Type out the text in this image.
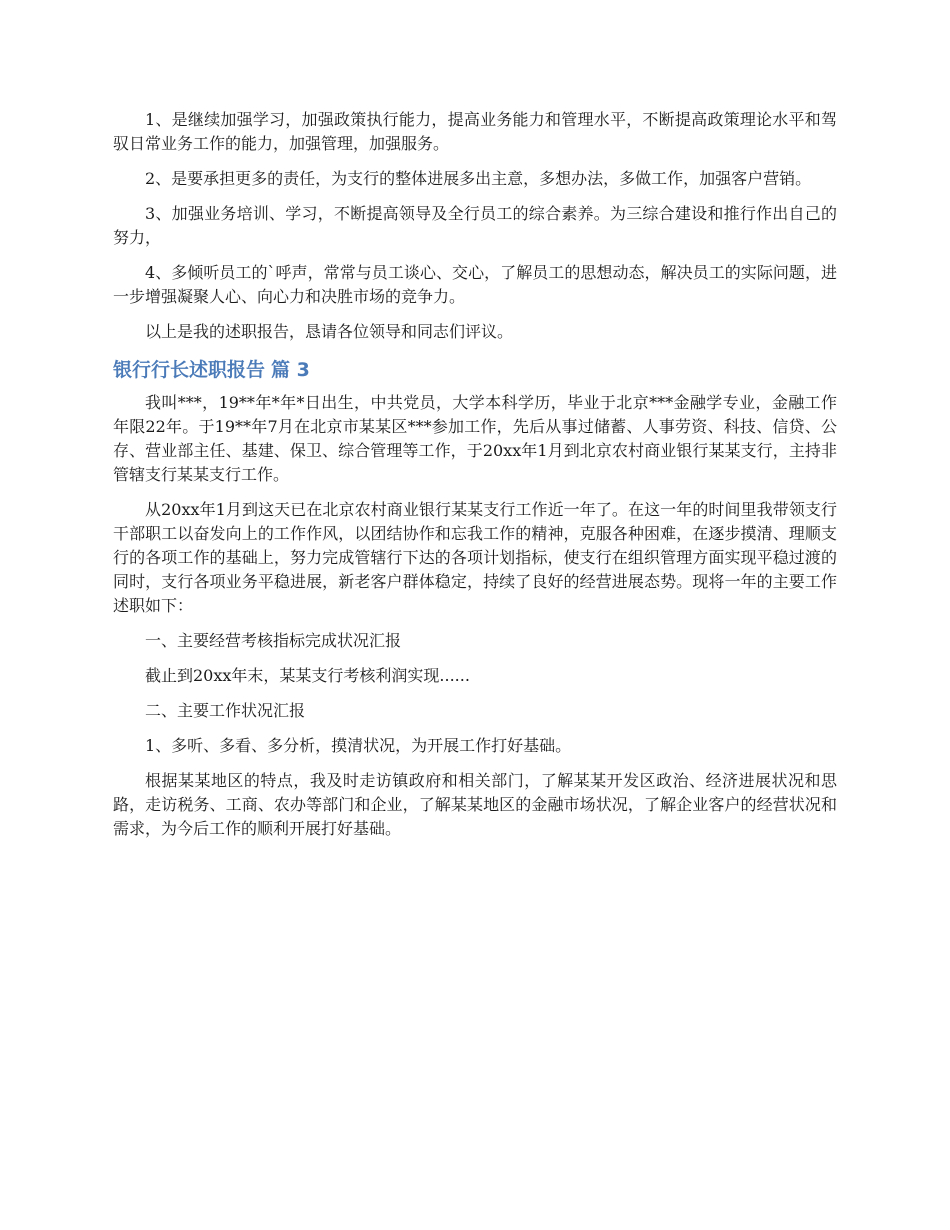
1、是继续加强学习，加强政策执行能力，提高业务能力和管理水平，不断提高政策理论水平和驾驭日常业务工作的能力，加强管理，加强服务。

2、是要承担更多的责任，为支行的整体进展多出主意，多想办法，多做工作，加强客户营销。

3、加强业务培训、学习，不断提高领导及全行员工的综合素养。为三综合建设和推行作出自己的努力，

4、多倾听员工的`呼声，常常与员工谈心、交心，了解员工的思想动态，解决员工的实际问题，进一步增强凝聚人心、向心力和决胜市场的竞争力。

以上是我的述职报告，恳请各位领导和同志们评议。

银行行长述职报告 篇 3

我叫***，19**年*年*日出生，中共党员，大学本科学历，毕业于北京***金融学专业，金融工作年限22年。于19**年7月在北京市某某区***参加工作，先后从事过储蓄、人事劳资、科技、信贷、公存、营业部主任、基建、保卫、综合管理等工作，于20xx年1月到北京农村商业银行某某支行，主持非管辖支行某某支行工作。

从20xx年1月到这天已在北京农村商业银行某某支行工作近一年了。在这一年的时间里我带领支行干部职工以奋发向上的工作作风，以团结协作和忘我工作的精神，克服各种困难，在逐步摸清、理顺支行的各项工作的基础上，努力完成管辖行下达的各项计划指标，使支行在组织管理方面实现平稳过渡的同时，支行各项业务平稳进展，新老客户群体稳定，持续了良好的经营进展态势。现将一年的主要工作述职如下：

一、主要经营考核指标完成状况汇报

截止到20xx年末，某某支行考核利润实现......

二、主要工作状况汇报

1、多听、多看、多分析，摸清状况，为开展工作打好基础。

根据某某地区的特点，我及时走访镇政府和相关部门，了解某某开发区政治、经济进展状况和思路，走访税务、工商、农办等部门和企业，了解某某地区的金融市场状况，了解企业客户的经营状况和需求，为今后工作的顺利开展打好基础。
